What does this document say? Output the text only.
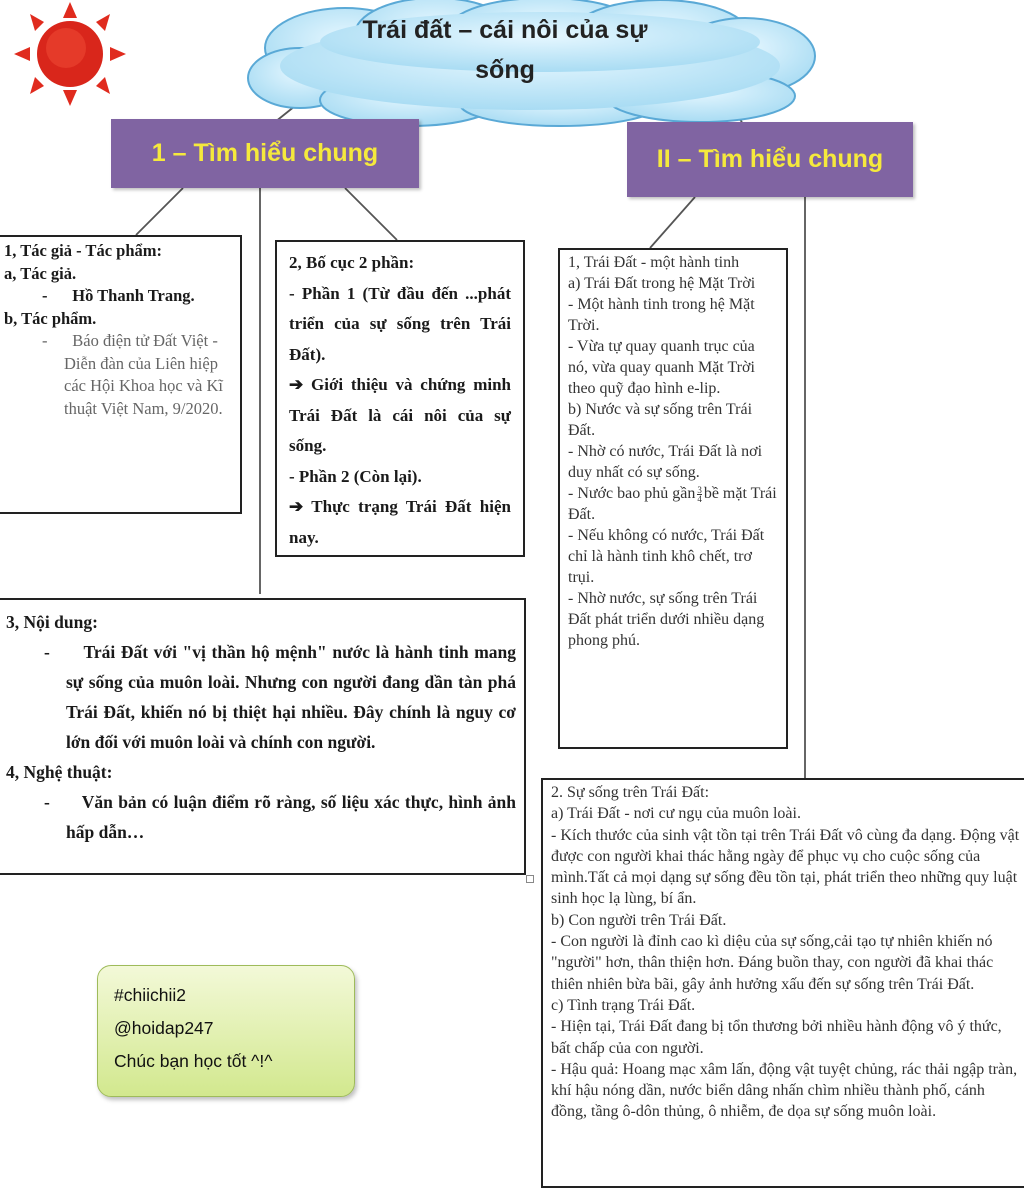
Trái đất – cái nôi của sự
sống
1 – Tìm hiểu chung	II – Tìm hiểu chung

1, Tác giả - Tác phẩm:

a, Tác giả.

- Hồ Thanh Trang.

b, Tác phẩm.

- Báo điện tử Đất Việt - Diễn đàn của Liên hiệp các Hội Khoa học và Kĩ thuật Việt Nam, 9/2020.

2, Bố cục 2 phần:

- Phần 1 (Từ đầu đến ...phát triển của sự sống trên Trái Đất).

➔ Giới thiệu và chứng minh Trái Đất là cái nôi của sự sống.

- Phần 2 (Còn lại).

➔ Thực trạng Trái Đất hiện nay.

3, Nội dung:

- Trái Đất với "vị thần hộ mệnh" nước là hành tinh mang sự sống của muôn loài. Nhưng con người đang dần tàn phá Trái Đất, khiến nó bị thiệt hại nhiều. Đây chính là nguy cơ lớn đối với muôn loài và chính con người.

4, Nghệ thuật:

- Văn bản có luận điểm rõ ràng, số liệu xác thực, hình ảnh hấp dẫn…

1, Trái Đất - một hành tinh

a) Trái Đất trong hệ Mặt Trời

- Một hành tinh trong hệ Mặt Trời.

- Vừa tự quay quanh trục của nó, vừa quay quanh Mặt Trời theo quỹ đạo hình e-lip.

b) Nước và sự sống trên Trái Đất.

- Nhờ có nước, Trái Đất là nơi duy nhất có sự sống.

- Nước bao phủ gần $\frac{3}{4}$ bề mặt Trái Đất.

- Nếu không có nước, Trái Đất chỉ là hành tinh khô chết, trơ trụi.

- Nhờ nước, sự sống trên Trái Đất phát triển dưới nhiều dạng phong phú.

2. Sự sống trên Trái Đất:

a) Trái Đất - nơi cư ngụ của muôn loài.

- Kích thước của sinh vật tồn tại trên Trái Đất vô cùng đa dạng. Động vật được con người khai thác hằng ngày để phục vụ cho cuộc sống của mình.Tất cả mọi dạng sự sống đều tồn tại, phát triển theo những quy luật sinh học lạ lùng, bí ẩn.

b) Con người trên Trái Đất.

- Con người là đỉnh cao kì diệu của sự sống,cải tạo tự nhiên khiến nó "người" hơn, thân thiện hơn. Đáng buồn thay, con người đã khai thác thiên nhiên bừa bãi, gây ảnh hưởng xấu đến sự sống trên Trái Đất.

c) Tình trạng Trái Đất.

- Hiện tại, Trái Đất đang bị tổn thương bởi nhiều hành động vô ý thức, bất chấp của con người.

- Hậu quả: Hoang mạc xâm lấn, động vật tuyệt chủng, rác thải ngập tràn, khí hậu nóng dần, nước biển dâng nhấn chìm nhiều thành phố, cánh đồng, tầng ô-dôn thủng, ô nhiễm, đe dọa sự sống muôn loài.

#chiichii2

@hoidap247

Chúc bạn học tốt ^!^
